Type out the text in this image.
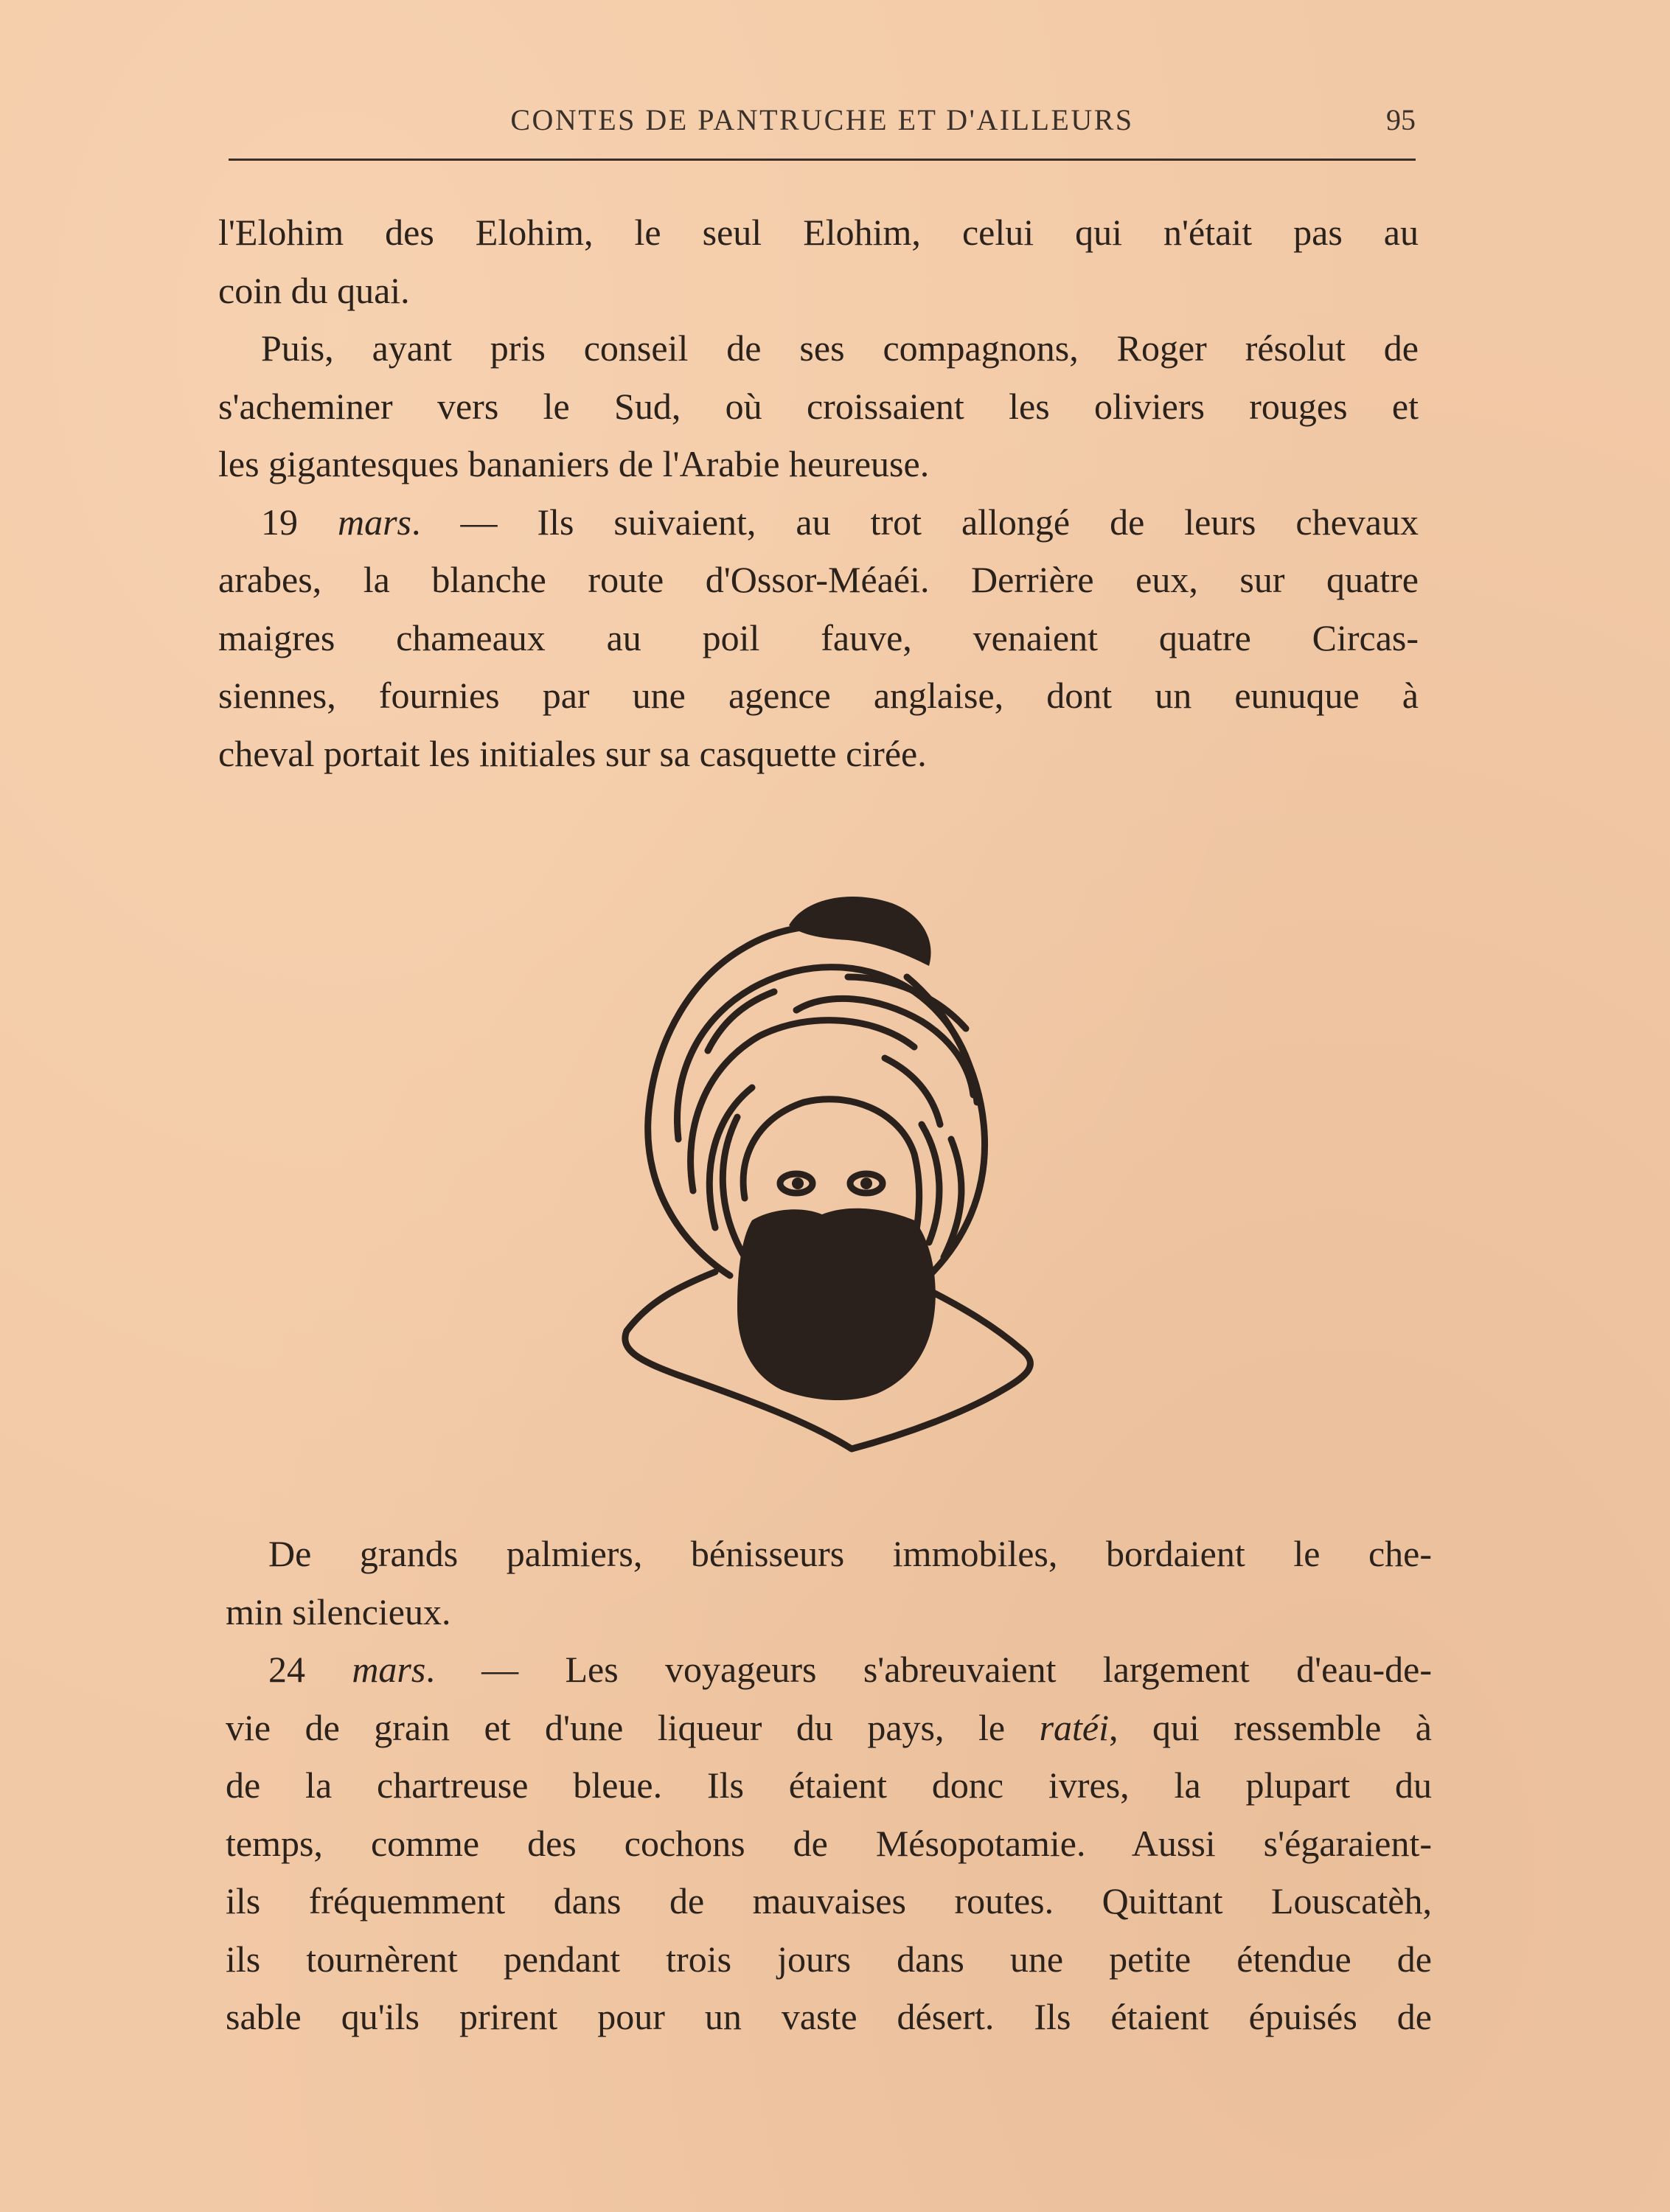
CONTES DE PANTRUCHE ET D'AILLEURS	95
l'Elohim des Elohim, le seul Elohim, celui qui n'était pas au
coin du quai.
Puis, ayant pris conseil de ses compagnons, Roger résolut de
s'acheminer vers le Sud, où croissaient les oliviers rouges et
les gigantesques bananiers de l'Arabie heureuse.
19 mars. — Ils suivaient, au trot allongé de leurs chevaux
arabes, la blanche route d'Ossor-Méaéi. Derrière eux, sur quatre
maigres chameaux au poil fauve, venaient quatre Circas-
siennes, fournies par une agence anglaise, dont un eunuque à
cheval portait les initiales sur sa casquette cirée.
De grands palmiers, bénisseurs immobiles, bordaient le che-
min silencieux.
24 mars. — Les voyageurs s'abreuvaient largement d'eau-de-
vie de grain et d'une liqueur du pays, le ratéi, qui ressemble à
de la chartreuse bleue. Ils étaient donc ivres, la plupart du
temps, comme des cochons de Mésopotamie. Aussi s'égaraient-
ils fréquemment dans de mauvaises routes. Quittant Louscatèh,
ils tournèrent pendant trois jours dans une petite étendue de
sable qu'ils prirent pour un vaste désert. Ils étaient épuisés de
